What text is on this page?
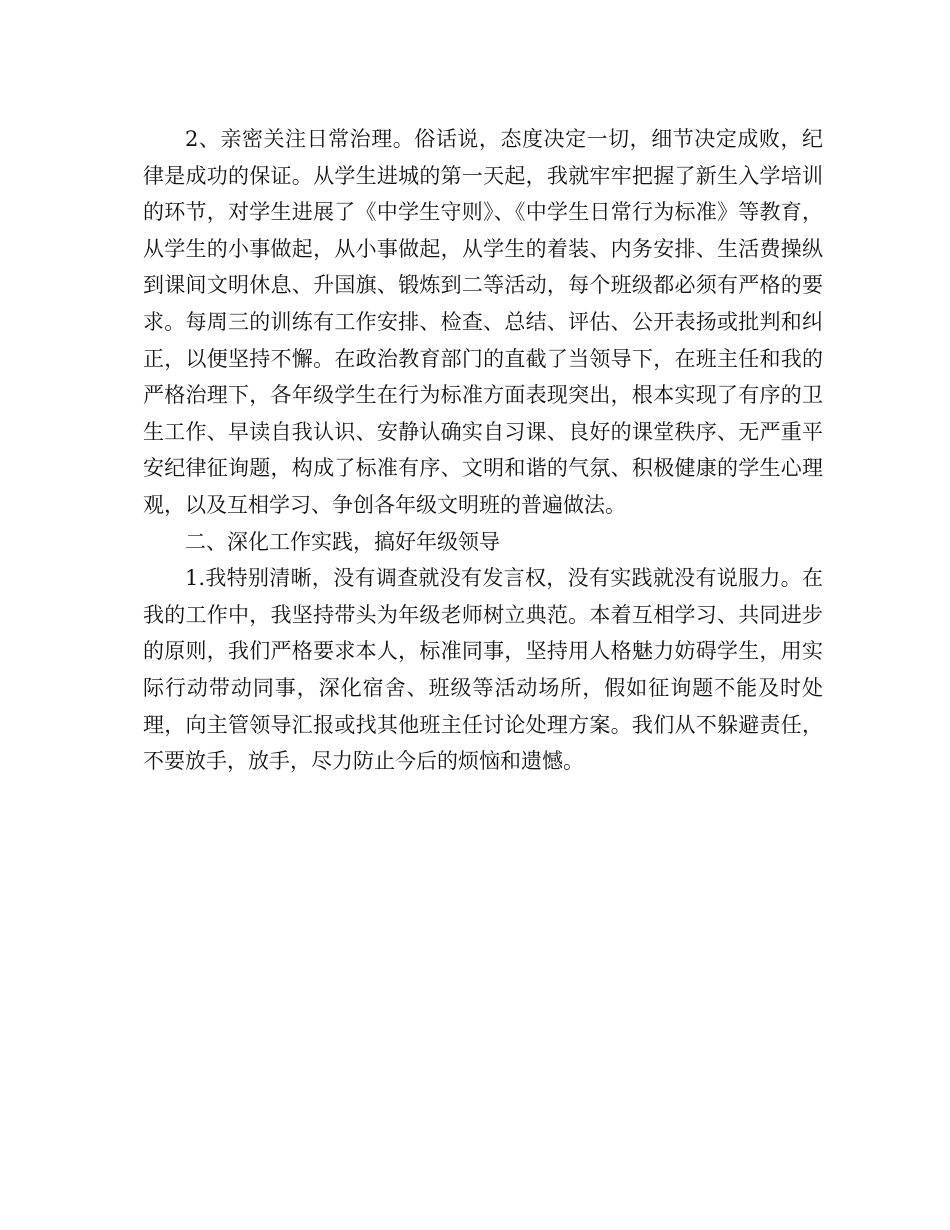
2、亲密关注日常治理。俗话说，态度决定一切，细节决定成败，纪律是成功的保证。从学生进城的第一天起，我就牢牢把握了新生入学培训的环节，对学生进展了《中学生守则》、《中学生日常行为标准》等教育，从学生的小事做起，从小事做起，从学生的着装、内务安排、生活费操纵到课间文明休息、升国旗、锻炼到二等活动，每个班级都必须有严格的要求。每周三的训练有工作安排、检查、总结、评估、公开表扬或批判和纠正，以便坚持不懈。在政治教育部门的直截了当领导下，在班主任和我的严格治理下，各年级学生在行为标准方面表现突出，根本实现了有序的卫生工作、早读自我认识、安静认确实自习课、良好的课堂秩序、无严重平安纪律征询题，构成了标准有序、文明和谐的气氛、积极健康的学生心理观，以及互相学习、争创各年级文明班的普遍做法。

二、深化工作实践，搞好年级领导

1.我特别清晰，没有调查就没有发言权，没有实践就没有说服力。在我的工作中，我坚持带头为年级老师树立典范。本着互相学习、共同进步的原则，我们严格要求本人，标准同事，坚持用人格魅力妨碍学生，用实际行动带动同事，深化宿舍、班级等活动场所，假如征询题不能及时处理，向主管领导汇报或找其他班主任讨论处理方案。我们从不躲避责任，不要放手，放手，尽力防止今后的烦恼和遗憾。
